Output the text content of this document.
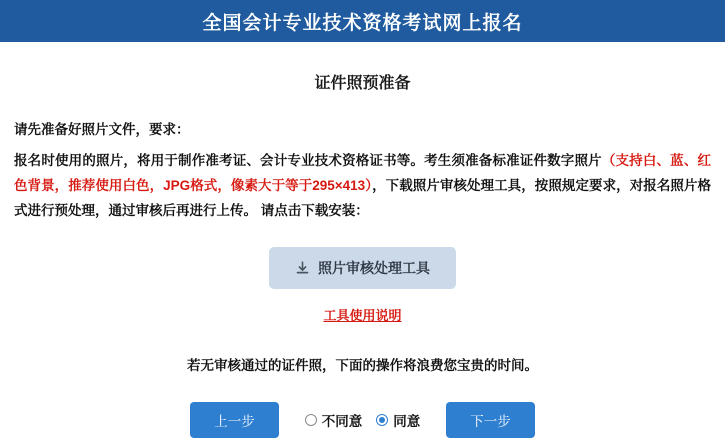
全国会计专业技术资格考试网上报名
证件照预准备
请先准备好照片文件，要求：
报名时使用的照片，将用于制作准考证、会计专业技术资格证书等。考生须准备标准证件数字照片（支持白、蓝、红色背景，推荐使用白色，JPG格式，像素大于等于295×413），下载照片审核处理工具，按照规定要求，对报名照片格式进行预处理，通过审核后再进行上传。 请点击下载安装：
照片审核处理工具
工具使用说明
若无审核通过的证件照，下面的操作将浪费您宝贵的时间。
上一步	不同意 同意	下一步
